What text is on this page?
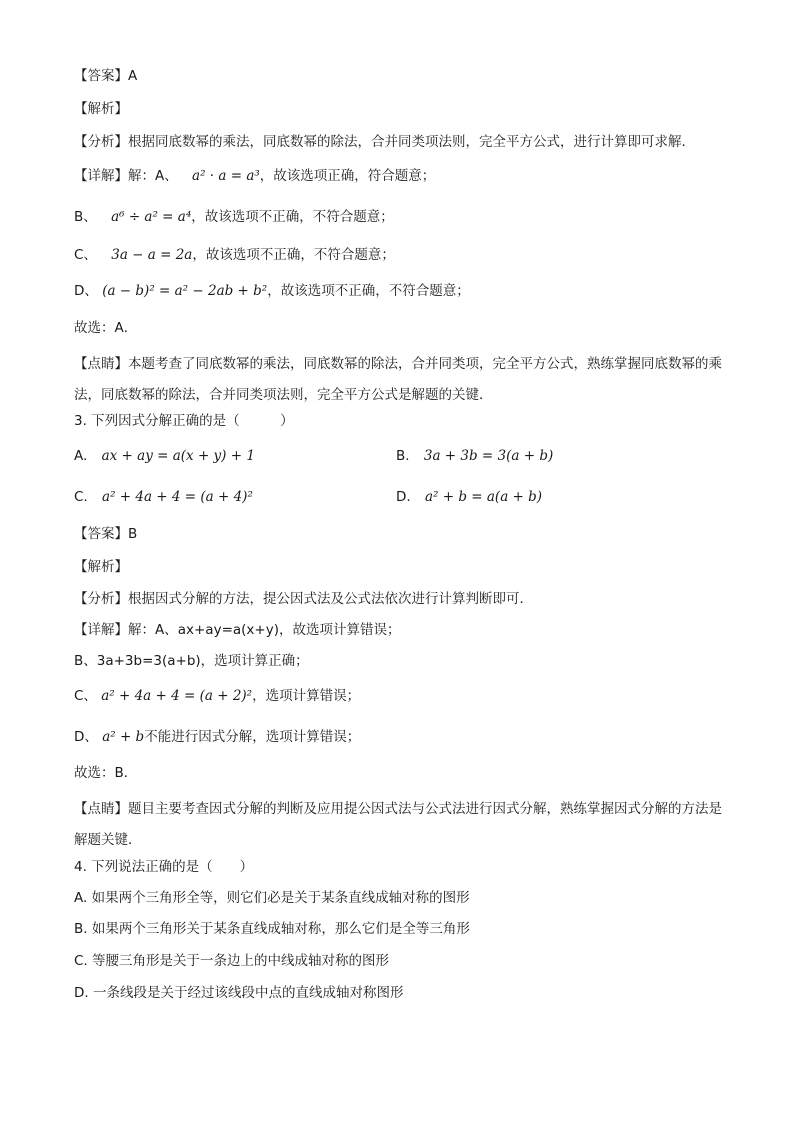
【答案】A
【解析】
【分析】根据同底数幂的乘法，同底数幂的除法，合并同类项法则，完全平方公式，进行计算即可求解．
【详解】解：A、 a² · a = a³，故该选项正确，符合题意；
B、 a⁶ ÷ a² = a⁴，故该选项不正确，不符合题意；
C、 3a − a = 2a，故该选项不正确，不符合题意；
D、 (a − b)² = a² − 2ab + b²，故该选项不正确，不符合题意；
故选：A．
【点睛】本题考查了同底数幂的乘法，同底数幂的除法，合并同类项，完全平方公式，熟练掌握同底数幂的乘法，同底数幂的除法，合并同类项法则，完全平方公式是解题的关键．
3. 下列因式分解正确的是（　　　）
A. ax + ay = a(x + y) + 1	B. 3a + 3b = 3(a + b)
C. a² + 4a + 4 = (a + 4)²	D. a² + b = a(a + b)
【答案】B
【解析】
【分析】根据因式分解的方法，提公因式法及公式法依次进行计算判断即可．
【详解】解：A、ax+ay=a(x+y)，故选项计算错误；
B、3a+3b=3(a+b)，选项计算正确；
C、 a² + 4a + 4 = (a + 2)²，选项计算错误；
D、 a² + b不能进行因式分解，选项计算错误；
故选：B．
【点睛】题目主要考查因式分解的判断及应用提公因式法与公式法进行因式分解，熟练掌握因式分解的方法是解题关键．
4. 下列说法正确的是（　　）
A. 如果两个三角形全等，则它们必是关于某条直线成轴对称的图形
B. 如果两个三角形关于某条直线成轴对称，那么它们是全等三角形
C. 等腰三角形是关于一条边上的中线成轴对称的图形
D. 一条线段是关于经过该线段中点的直线成轴对称图形
